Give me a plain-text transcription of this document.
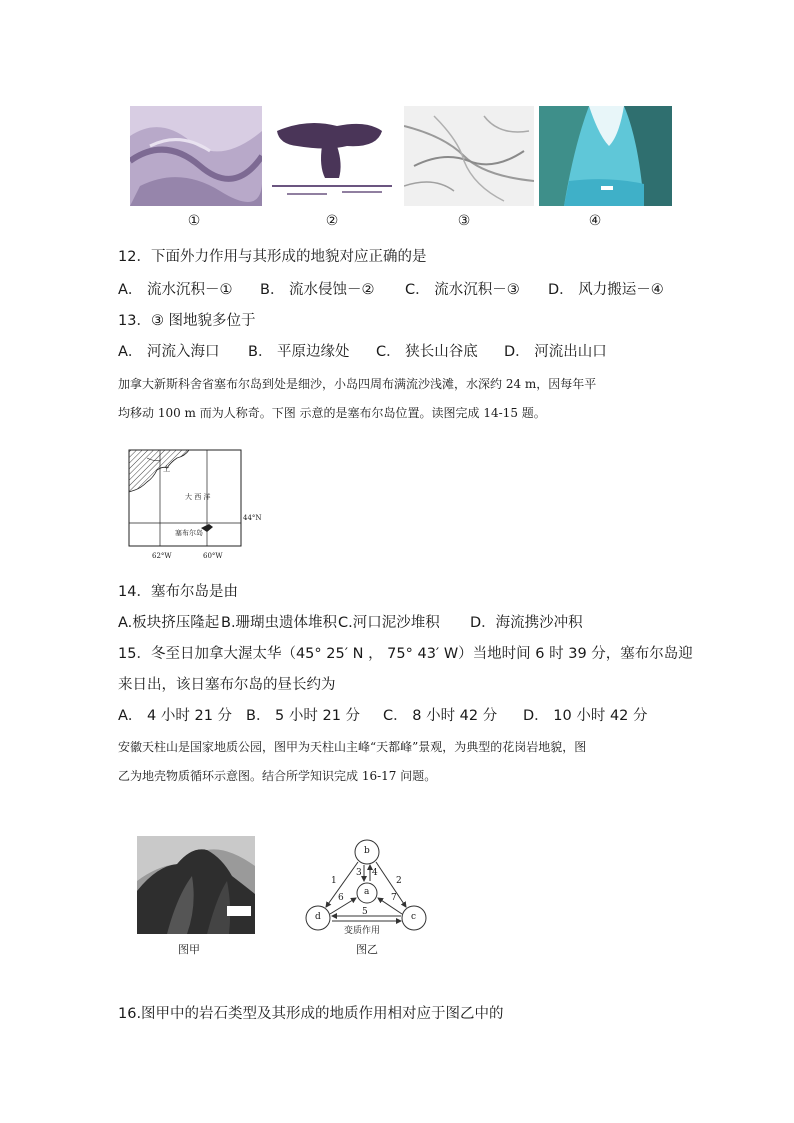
①	②	③	④
12．下面外力作用与其形成的地貌对应正确的是
A． 流水沉积－① B． 流水侵蚀－② C． 流水沉积－③ D． 风力搬运－④
13．③ 图地貌多位于
A． 河流入海口 B． 平原边缘处 C． 狭长山谷底 D． 河流出山口
加拿大新斯科舍省塞布尔岛到处是细沙，小岛四周布满流沙浅滩，水深约 24 m，因每年平
均移动 100 m 而为人称奇。下图 示意的是塞布尔岛位置。读图完成 14-15 题。
上
大 西 洋
塞布尔岛
44°N
62°W	60°W
14．塞布尔岛是由
A.板块挤压隆起 B.珊瑚虫遗体堆积 C.河口泥沙堆积 D．海流携沙冲积
15．冬至日加拿大渥太华（45° 25′ N ， 75° 43′ W）当地时间 6 时 39 分，塞布尔岛迎
来日出，该日塞布尔岛的昼长约为
A． 4 小时 21 分 B． 5 小时 21 分 C． 8 小时 42 分 D． 10 小时 42 分
安徽天柱山是国家地质公园，图甲为天柱山主峰“天都峰”景观，为典型的花岗岩地貌，图
乙为地壳物质循环示意图。结合所学知识完成 16-17 问题。
图甲
b
a
d	c
1	2
3 4
5
6	7
变质作用
图乙
16.图甲中的岩石类型及其形成的地质作用相对应于图乙中的
